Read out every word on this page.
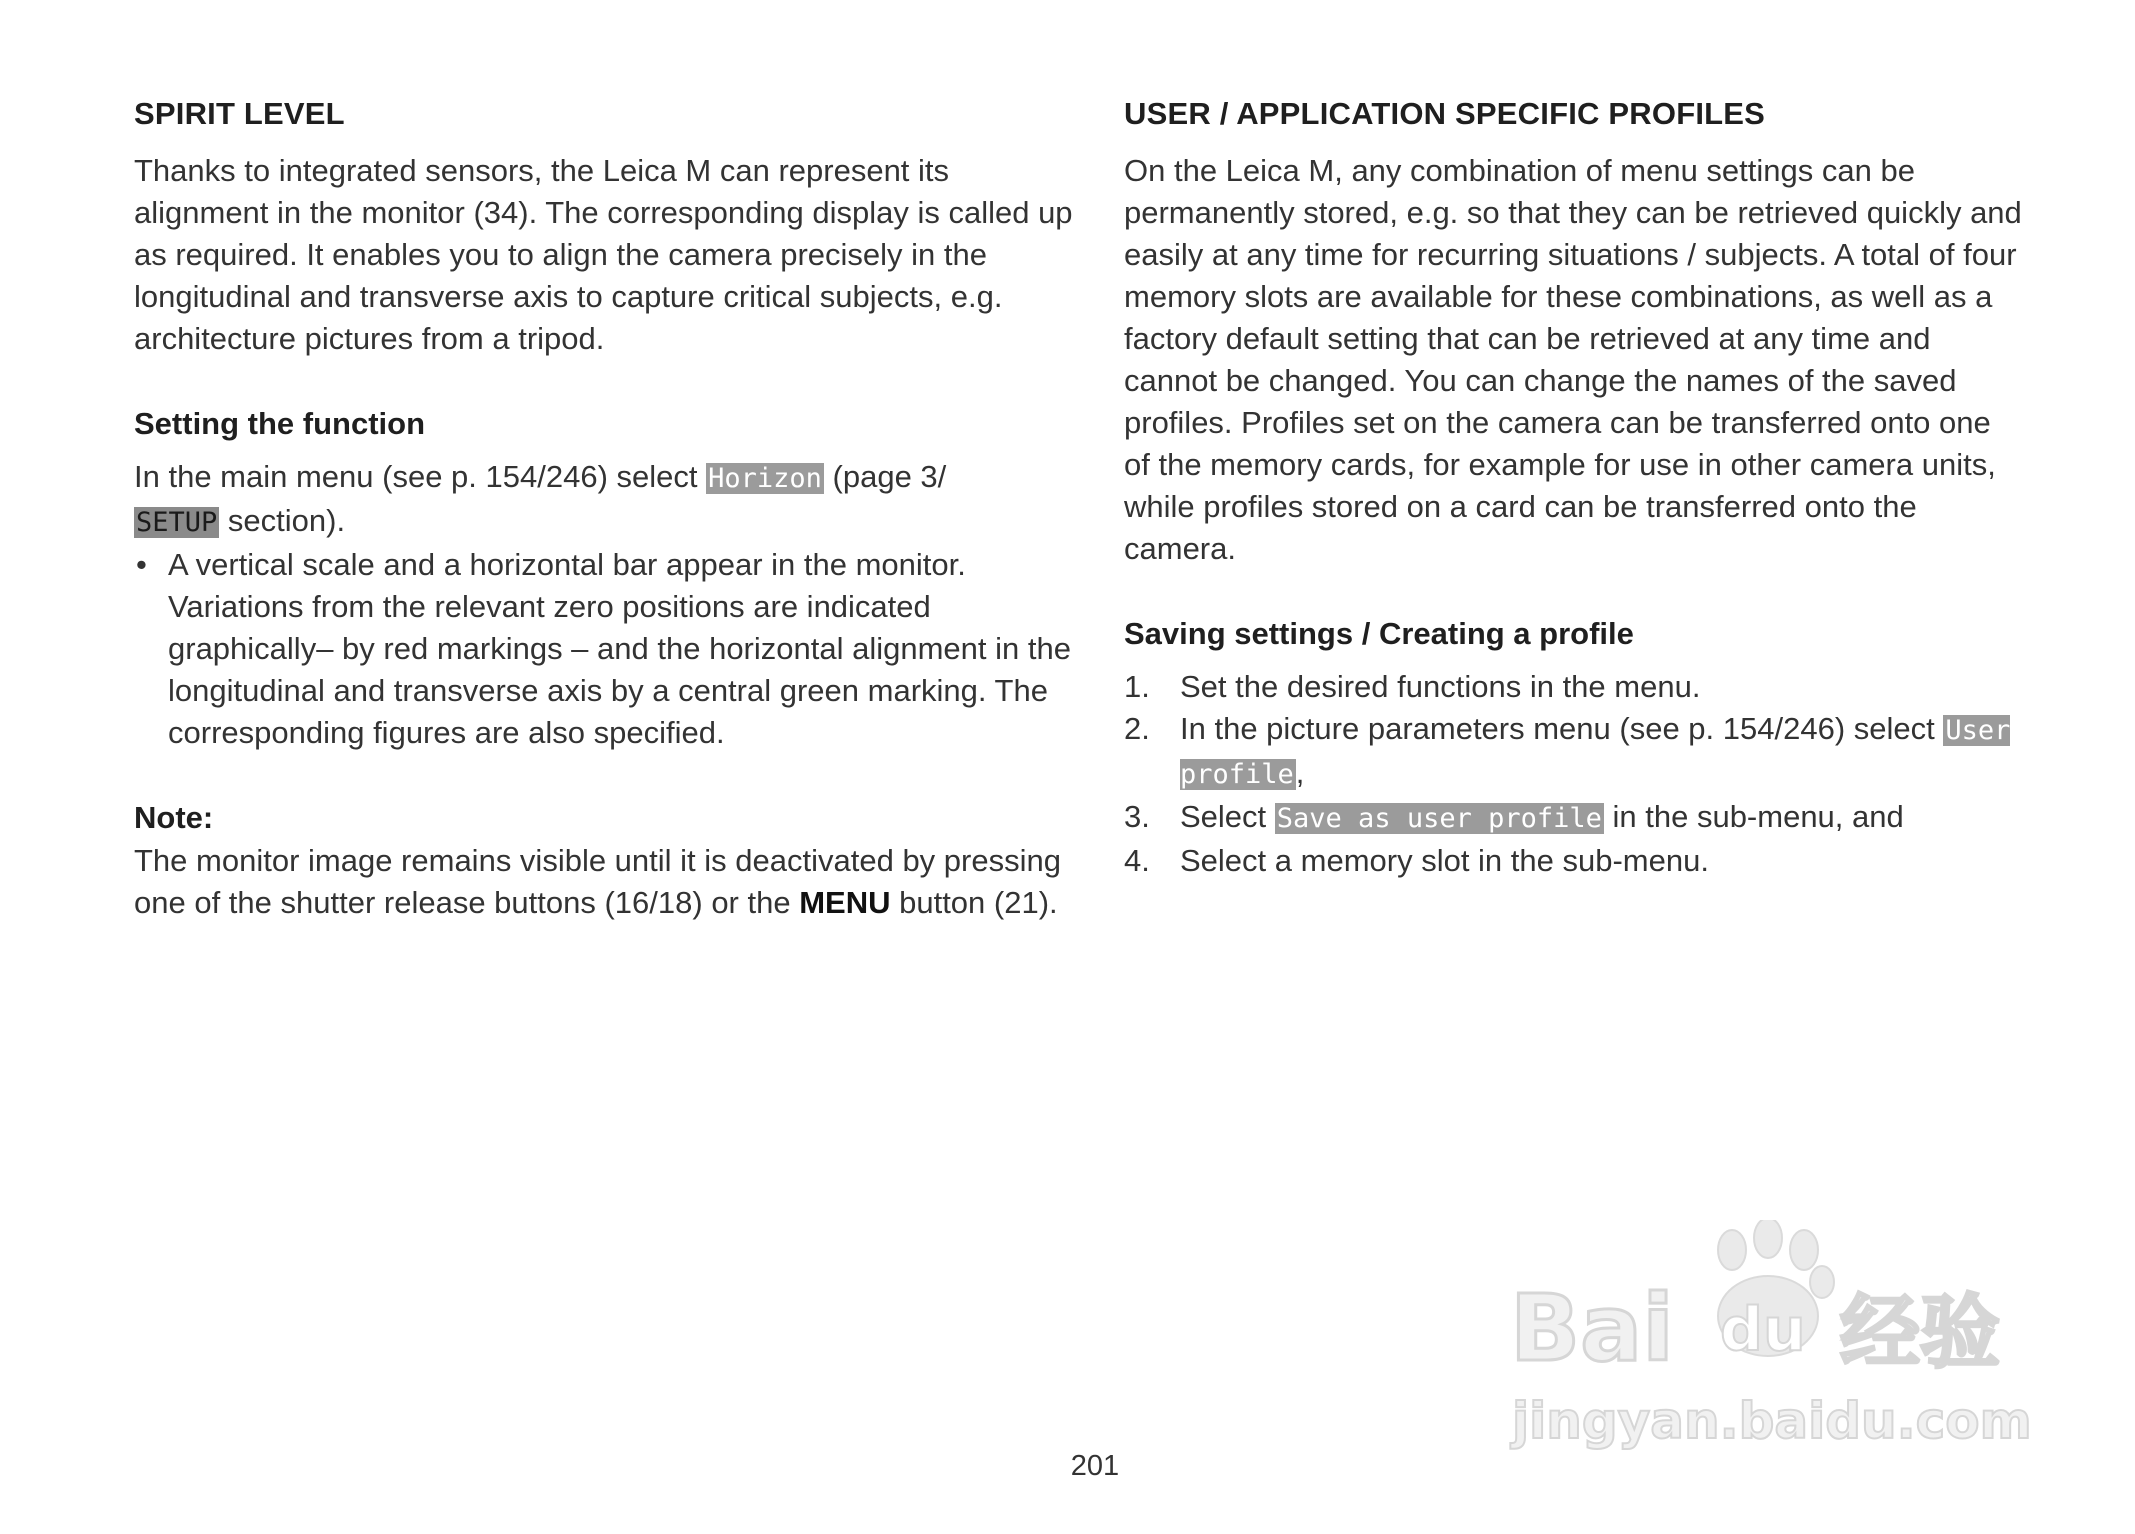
SPIRIT LEVEL

Thanks to integrated sensors, the Leica M can represent its alignment in the monitor (34). The corresponding display is called up as required. It enables you to align the camera precisely in the longitudinal and transverse axis to capture critical subjects, e.g. architecture pictures from a tripod.

Setting the function

In the main menu (see p. 154/246) select Horizon (page 3/
SETUP section).

• A vertical scale and a horizontal bar appear in the monitor. Variations from the relevant zero positions are indicated graphically– by red markings – and the horizontal alignment in the longitudinal and transverse axis by a central green marking. The corresponding figures are also specified.
Note:

The monitor image remains visible until it is deactivated by pressing one of the shutter release buttons (16/18) or the MENU button (21).

USER / APPLICATION SPECIFIC PROFILES

On the Leica M, any combination of menu settings can be permanently stored, e.g. so that they can be retrieved quickly and easily at any time for recurring situations / subjects. A total of four memory slots are available for these combinations, as well as a factory default setting that can be retrieved at any time and cannot be changed. You can change the names of the saved profiles. Profiles set on the camera can be transferred onto one of the memory cards, for example for use in other camera units, while profiles stored on a card can be transferred onto the camera.

Saving settings / Creating a profile
1. Set the desired functions in the menu.
2. In the picture parameters menu (see p. 154/246) select User profile,
3. Select Save as user profile in the sub-menu, and
4. Select a memory slot in the sub-menu.
201
Bai du 经验
jingyan.baidu.com
